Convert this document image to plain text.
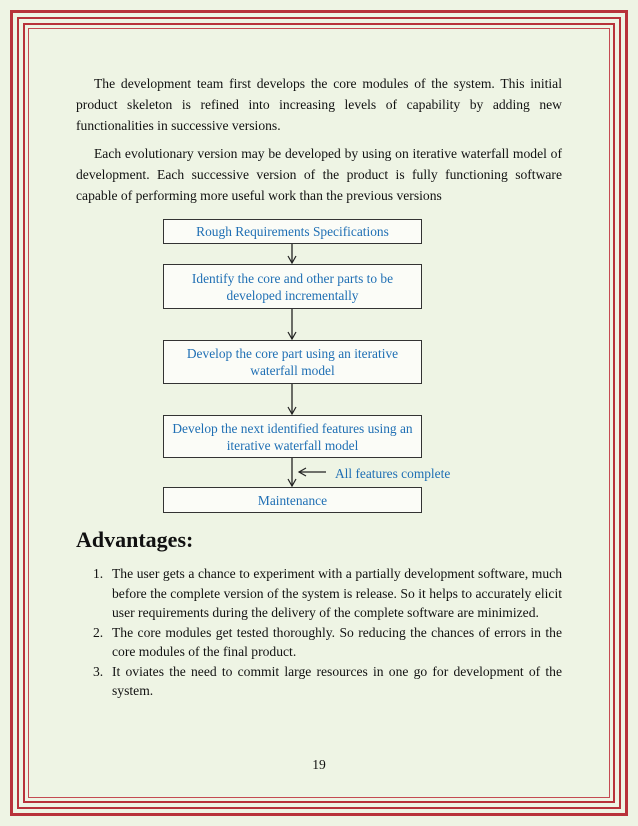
The development team first develops the core modules of the system. This initial product skeleton is refined into increasing levels of capability by adding new functionalities in successive versions.

Each evolutionary version may be developed by using on iterative waterfall model of development. Each successive version of the product is fully functioning software capable of performing more useful work than the previous versions

Rough Requirements Specifications
Identify the core and other parts to be developed incrementally
Develop the core part using an iterative waterfall model
Develop the next identified features using an iterative waterfall model
Maintenance
All features complete
Advantages:
1. The user gets a chance to experiment with a partially development software, much before the complete version of the system is release. So it helps to accurately elicit user requirements during the delivery of the complete software are minimized.
2. The core modules get tested thoroughly. So reducing the chances of errors in the core modules of the final product.
3. It oviates the need to commit large resources in one go for development of the system.
19
